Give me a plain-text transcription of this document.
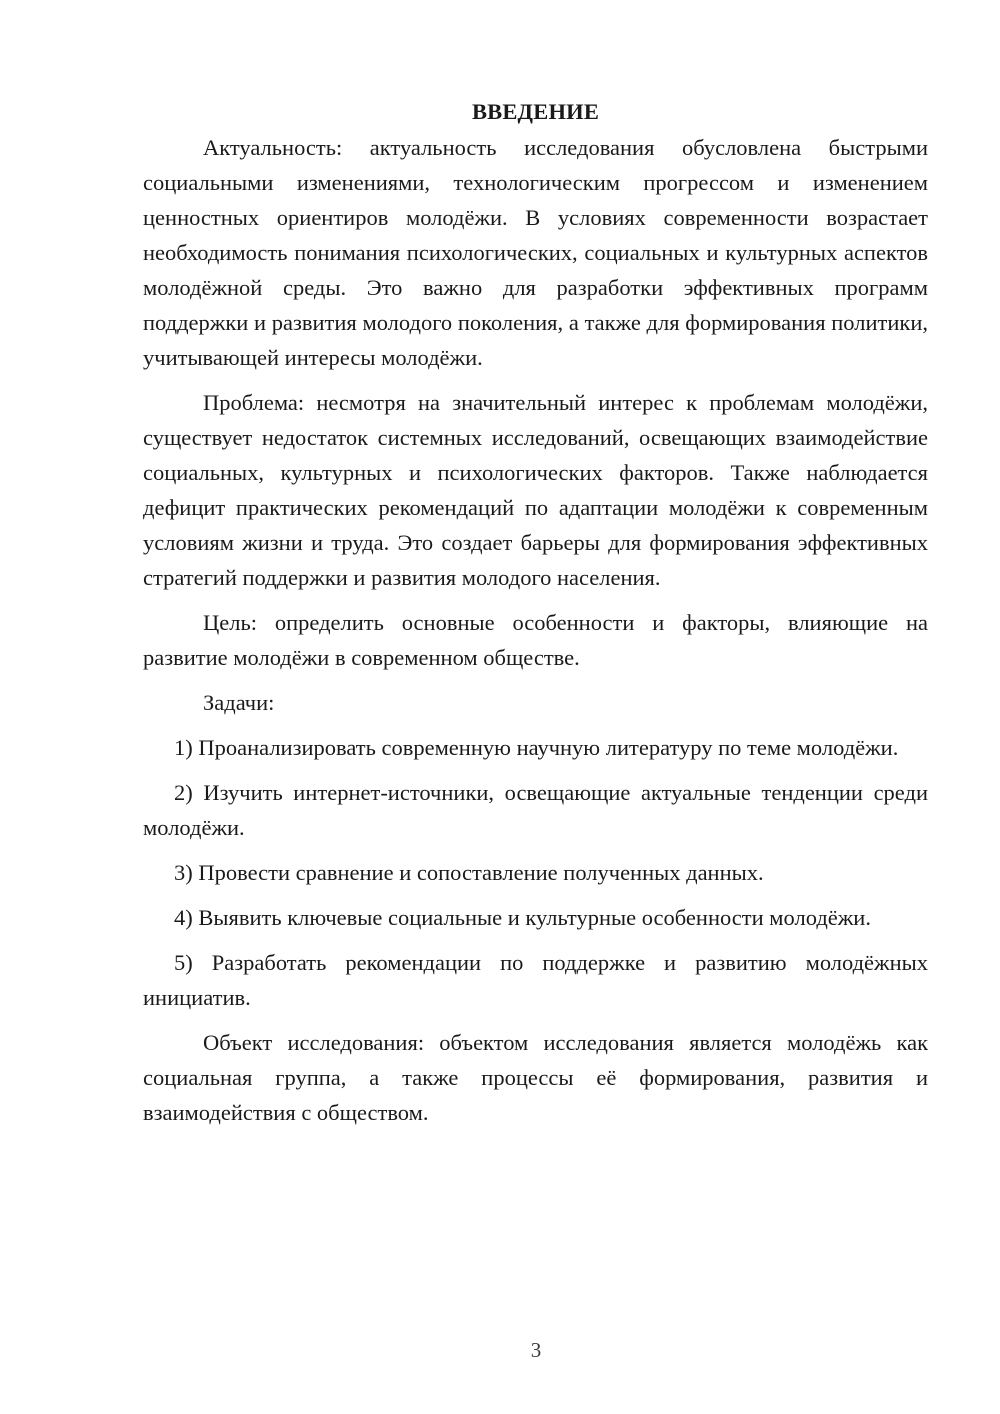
ВВЕДЕНИЕ

Актуальность: актуальность исследования обусловлена быстрыми социальными изменениями, технологическим прогрессом и изменением ценностных ориентиров молодёжи. В условиях современности возрастает необходимость понимания психологических, социальных и культурных аспектов молодёжной среды. Это важно для разработки эффективных программ поддержки и развития молодого поколения, а также для формирования политики, учитывающей интересы молодёжи.

Проблема: несмотря на значительный интерес к проблемам молодёжи, существует недостаток системных исследований, освещающих взаимодействие социальных, культурных и психологических факторов. Также наблюдается дефицит практических рекомендаций по адаптации молодёжи к современным условиям жизни и труда. Это создает барьеры для формирования эффективных стратегий поддержки и развития молодого населения.

Цель: определить основные особенности и факторы, влияющие на развитие молодёжи в современном обществе.

Задачи:

1) Проанализировать современную научную литературу по теме молодёжи.

2) Изучить интернет-источники, освещающие актуальные тенденции среди молодёжи.

3) Провести сравнение и сопоставление полученных данных.

4) Выявить ключевые социальные и культурные особенности молодёжи.

5) Разработать рекомендации по поддержке и развитию молодёжных инициатив.

Объект исследования: объектом исследования является молодёжь как социальная группа, а также процессы её формирования, развития и взаимодействия с обществом.

3
